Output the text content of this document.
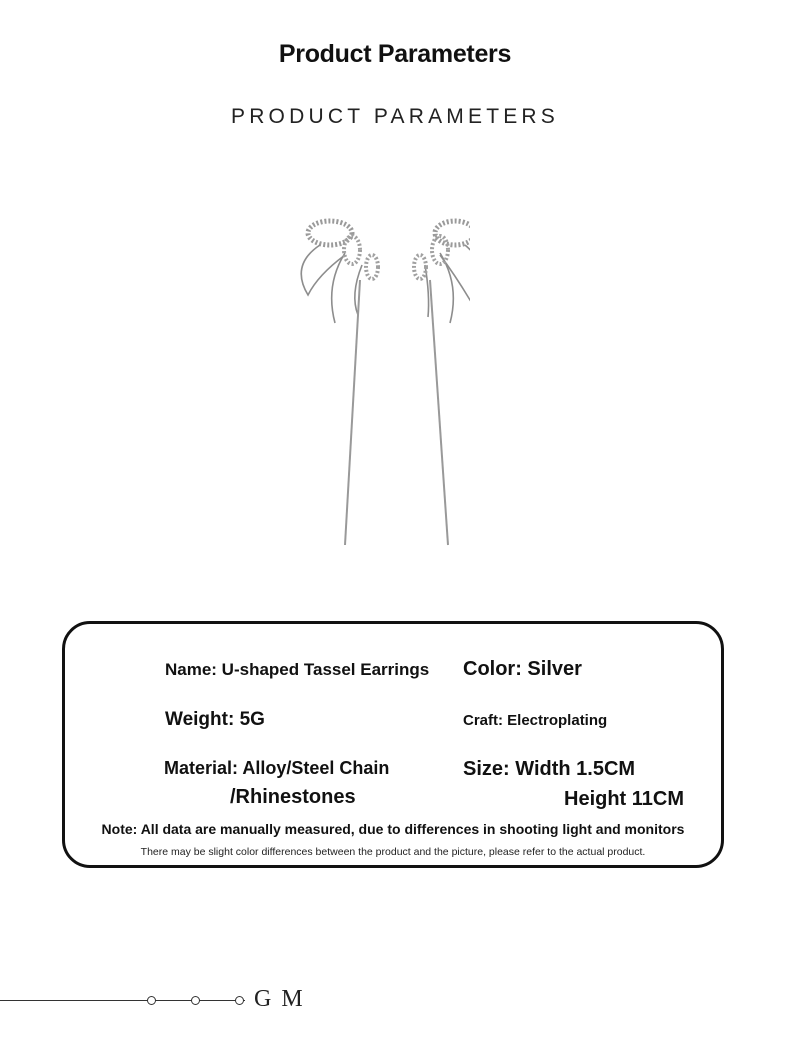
Product Parameters
PRODUCT PARAMETERS
Name: U-shaped Tassel Earrings Color: Silver
Weight: 5G	Craft: Electroplating
Material: Alloy/Steel Chain
/Rhinestones
Size: Width 1.5CM
Height 11CM
Note: All data are manually measured, due to differences in shooting light and monitors
There may be slight color differences between the product and the picture, please refer to the actual product.
G M
